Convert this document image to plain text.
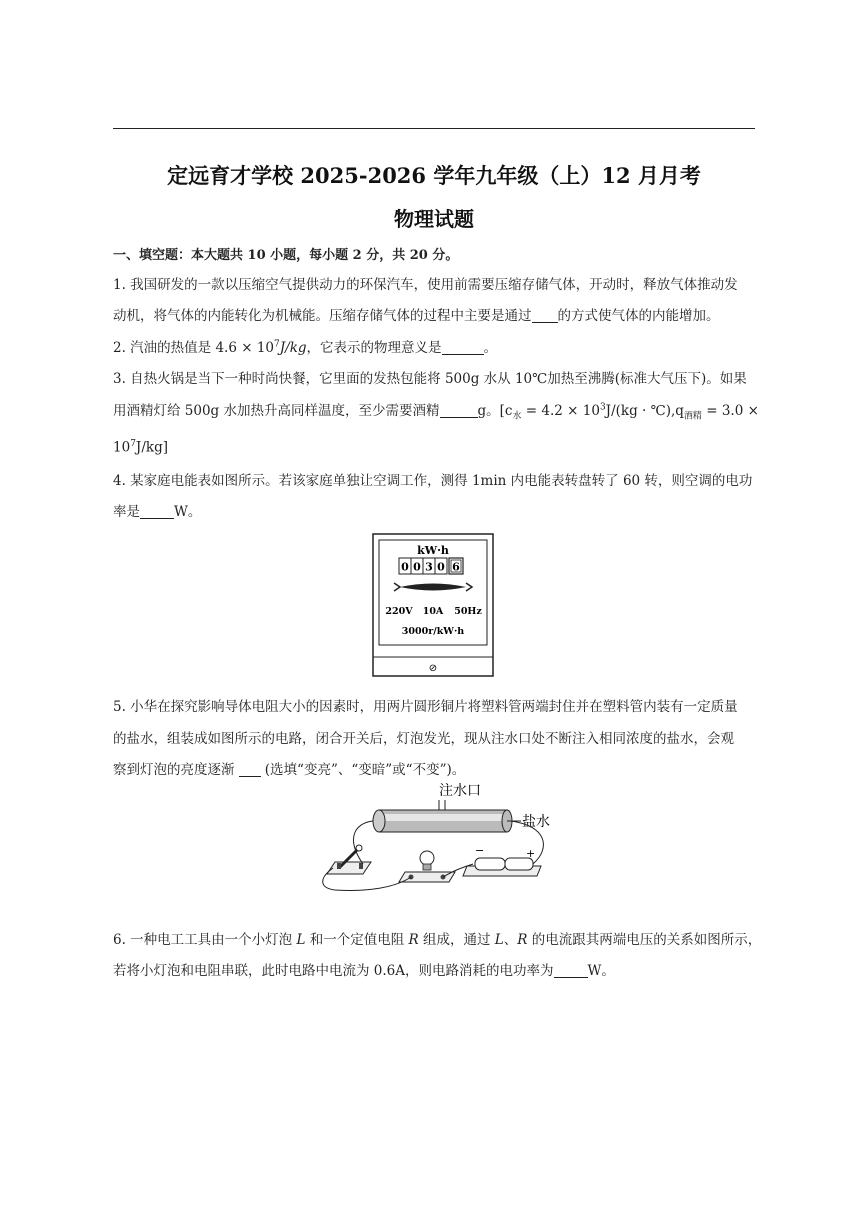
定远育才学校 2025-2026 学年九年级（上）12 月月考
物理试题
一、填空题：本大题共 10 小题，每小题 2 分，共 20 分。
1. 我国研发的一款以压缩空气提供动力的环保汽车，使用前需要压缩存储气体，开动时，释放气体推动发
动机，将气体的内能转化为机械能。压缩存储气体的过程中主要是通过 的方式使气体的内能增加。
2. 汽油的热值是 $4.6 \times 10^7J/kg$，它表示的物理意义是	。
3. 自热火锅是当下一种时尚快餐，它里面的发热包能将 500g 水从 10℃加热至沸腾(标准大气压下)。如果
用酒精灯给 500g 水加热升高同样温度，至少需要酒精	g。[$c_水 = 4.2 \times 10^3J/(kg$ · $℃),q_{酒精} = 3.0$ ×
$10^7J/kg$]
4. 某家庭电能表如图所示。若该家庭单独让空调工作，测得 1min 内电能表转盘转了 60 转，则空调的电功
率是	W。
kW·h
0 0 3 0 6
220V 10A 50Hz
3000r/kW·h
⊘
5. 小华在探究影响导体电阻大小的因素时，用两片圆形铜片将塑料管两端封住并在塑料管内装有一定质量
的盐水，组装成如图所示的电路，闭合开关后，灯泡发光，现从注水口处不断注入相同浓度的盐水，会观
察到灯泡的亮度逐渐 (选填“变亮”、“变暗”或“不变”)。
注水口
盐水
−	+
6. 一种电工工具由一个小灯泡 L 和一个定值电阻 R 组成，通过 L、R 的电流跟其两端电压的关系如图所示，
若将小灯泡和电阻串联，此时电路中电流为 0.6A，则电路消耗的电功率为	W。
